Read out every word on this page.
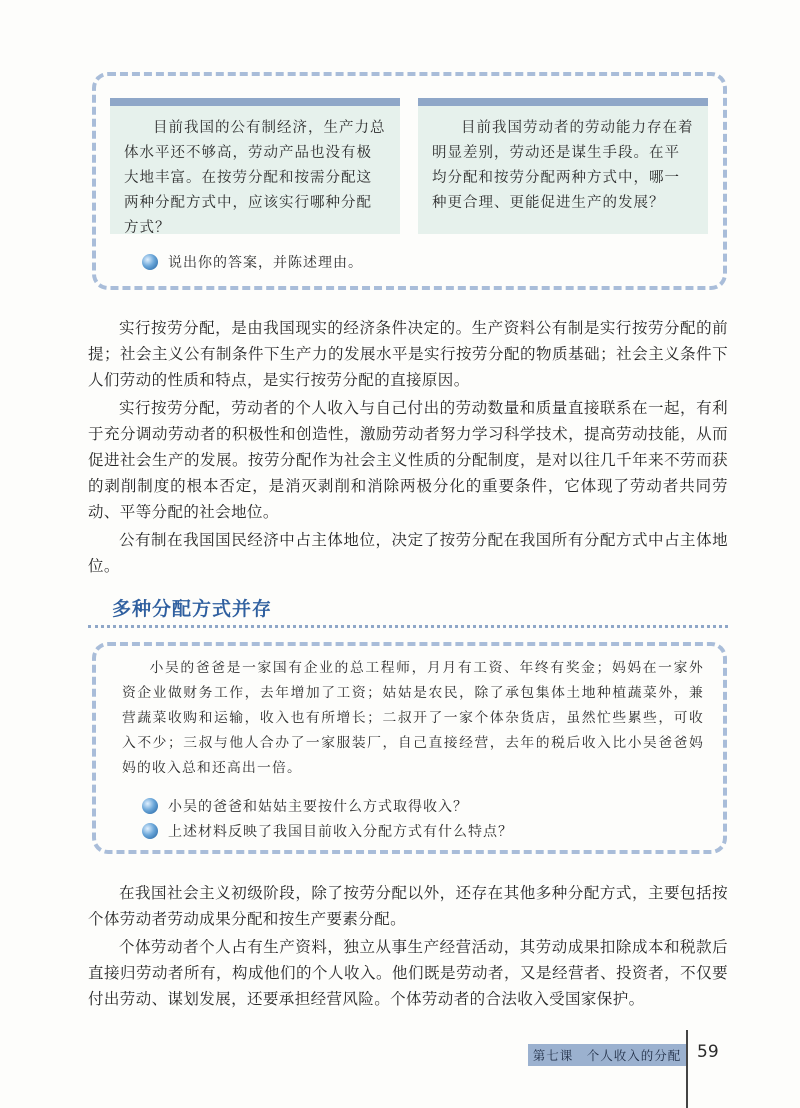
目前我国的公有制经济，生产力总体水平还不够高，劳动产品也没有极大地丰富。在按劳分配和按需分配这两种分配方式中，应该实行哪种分配方式？
目前我国劳动者的劳动能力存在着明显差别，劳动还是谋生手段。在平均分配和按劳分配两种方式中，哪一种更合理、更能促进生产的发展？
说出你的答案，并陈述理由。

实行按劳分配，是由我国现实的经济条件决定的。生产资料公有制是实行按劳分配的前提；社会主义公有制条件下生产力的发展水平是实行按劳分配的物质基础；社会主义条件下人们劳动的性质和特点，是实行按劳分配的直接原因。

实行按劳分配，劳动者的个人收入与自己付出的劳动数量和质量直接联系在一起，有利于充分调动劳动者的积极性和创造性，激励劳动者努力学习科学技术，提高劳动技能，从而促进社会生产的发展。按劳分配作为社会主义性质的分配制度，是对以往几千年来不劳而获的剥削制度的根本否定，是消灭剥削和消除两极分化的重要条件，它体现了劳动者共同劳动、平等分配的社会地位。

公有制在我国国民经济中占主体地位，决定了按劳分配在我国所有分配方式中占主体地位。

多种分配方式并存
小吴的爸爸是一家国有企业的总工程师，月月有工资、年终有奖金；妈妈在一家外资企业做财务工作，去年增加了工资；姑姑是农民，除了承包集体土地种植蔬菜外，兼营蔬菜收购和运输，收入也有所增长；二叔开了一家个体杂货店，虽然忙些累些，可收入不少；三叔与他人合办了一家服装厂，自己直接经营，去年的税后收入比小吴爸爸妈妈的收入总和还高出一倍。
小吴的爸爸和姑姑主要按什么方式取得收入？
上述材料反映了我国目前收入分配方式有什么特点？

在我国社会主义初级阶段，除了按劳分配以外，还存在其他多种分配方式，主要包括按个体劳动者劳动成果分配和按生产要素分配。

个体劳动者个人占有生产资料，独立从事生产经营活动，其劳动成果扣除成本和税款后直接归劳动者所有，构成他们的个人收入。他们既是劳动者，又是经营者、投资者，不仅要付出劳动、谋划发展，还要承担经营风险。个体劳动者的合法收入受国家保护。

第七课　个人收入的分配 59
